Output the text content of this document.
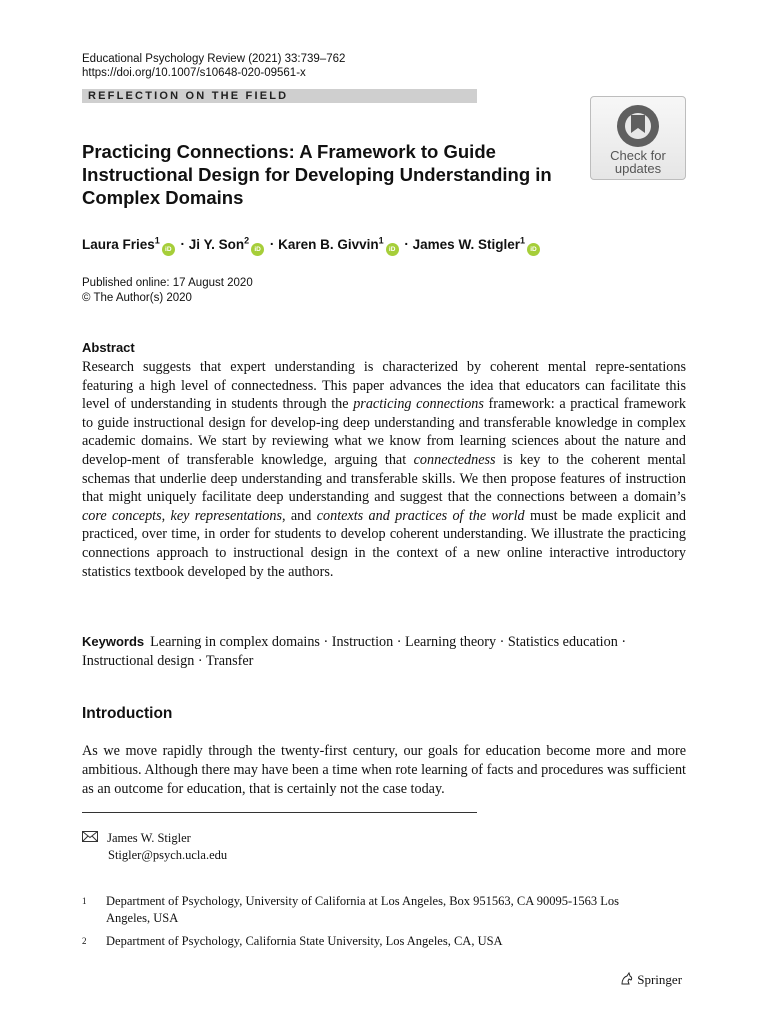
Educational Psychology Review (2021) 33:739–762
https://doi.org/10.1007/s10648-020-09561-x
REFLECTION ON THE FIELD
Check for
updates
Practicing Connections: A Framework to Guide Instructional Design for Developing Understanding in Complex Domains
Laura Fries$^1$iD · Ji Y. Son$^2$iD · Karen B. Givvin$^1$iD · James W. Stigler$^1$iD
Published online: 17 August 2020
© The Author(s) 2020
Abstract
Research suggests that expert understanding is characterized by coherent mental repre-sentations featuring a high level of connectedness. This paper advances the idea that educators can facilitate this level of understanding in students through the practicing connections framework: a practical framework to guide instructional design for develop-ing deep understanding and transferable knowledge in complex academic domains. We start by reviewing what we know from learning sciences about the nature and develop-ment of transferable knowledge, arguing that connectedness is key to the coherent mental schemas that underlie deep understanding and transferable skills. We then propose features of instruction that might uniquely facilitate deep understanding and suggest that the connections between a domain’s core concepts, key representations, and contexts and practices of the world must be made explicit and practiced, over time, in order for students to develop coherent understanding. We illustrate the practicing connections approach to instructional design in the context of a new online interactive introductory statistics textbook developed by the authors.
Keywords Learning in complex domains · Instruction · Learning theory · Statistics education · Instructional design · Transfer
Introduction
As we move rapidly through the twenty-first century, our goals for education become more and more ambitious. Although there may have been a time when rote learning of facts and procedures was sufficient as an outcome for education, that is certainly not the case today.
James W. Stigler
Stigler@psych.ucla.edu
1 Department of Psychology, University of California at Los Angeles, Box 951563, CA 90095-1563 Los Angeles, USA
2 Department of Psychology, California State University, Los Angeles, CA, USA
Springer
